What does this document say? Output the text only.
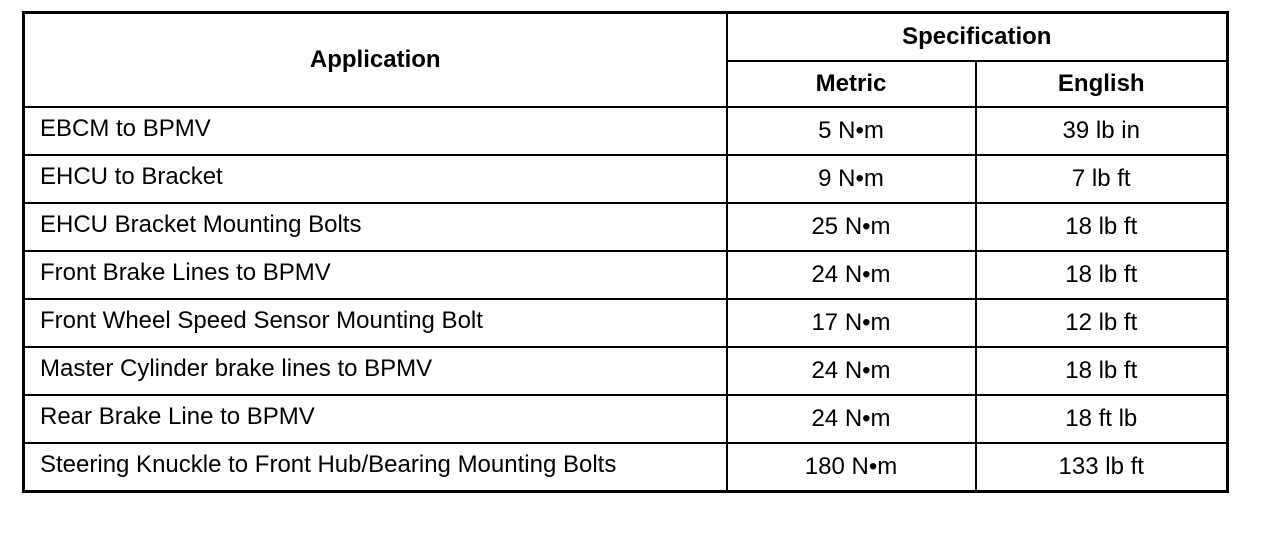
Application	Specification	
	Metric	English
EBCM to BPMV	5 N•m	39 lb in
EHCU to Bracket	9 N•m	7 lb ft
EHCU Bracket Mounting Bolts	25 N•m	18 lb ft
Front Brake Lines to BPMV	24 N•m	18 lb ft
Front Wheel Speed Sensor Mounting Bolt	17 N•m	12 lb ft
Master Cylinder brake lines to BPMV	24 N•m	18 lb ft
Rear Brake Line to BPMV	24 N•m	18 ft lb
Steering Knuckle to Front Hub/Bearing Mounting Bolts	180 N•m	133 lb ft
